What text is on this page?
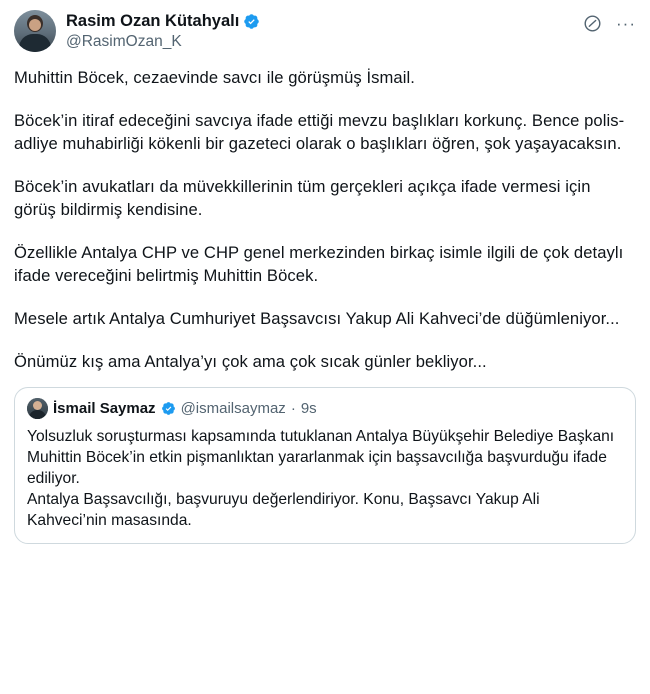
Rasim Ozan Kütahyalı
@RasimOzan_K
···

Muhittin Böcek, cezaevinde savcı ile görüşmüş İsmail.

Böcek’in itiraf edeceğini savcıya ifade ettiği mevzu başlıkları korkunç. Bence polis-adliye muhabirliği kökenli bir gazeteci olarak o başlıkları öğren, şok yaşayacaksın.

Böcek’in avukatları da müvekkillerinin tüm gerçekleri açıkça ifade vermesi için görüş bildirmiş kendisine.

Özellikle Antalya CHP ve CHP genel merkezinden birkaç isimle ilgili de çok detaylı ifade vereceğini belirtmiş Muhittin Böcek.

Mesele artık Antalya Cumhuriyet Başsavcısı Yakup Ali Kahveci’de düğümleniyor...

Önümüz kış ama Antalya’yı çok ama çok sıcak günler bekliyor...

İsmail Saymaz @ismailsaymaz · 9s

Yolsuzluk soruşturması kapsamında tutuklanan Antalya Büyükşehir Belediye Başkanı Muhittin Böcek’in etkin pişmanlıktan yararlanmak için başsavcılığa başvurduğu ifade ediliyor.

Antalya Başsavcılığı, başvuruyu değerlendiriyor. Konu, Başsavcı Yakup Ali Kahveci’nin masasında.
